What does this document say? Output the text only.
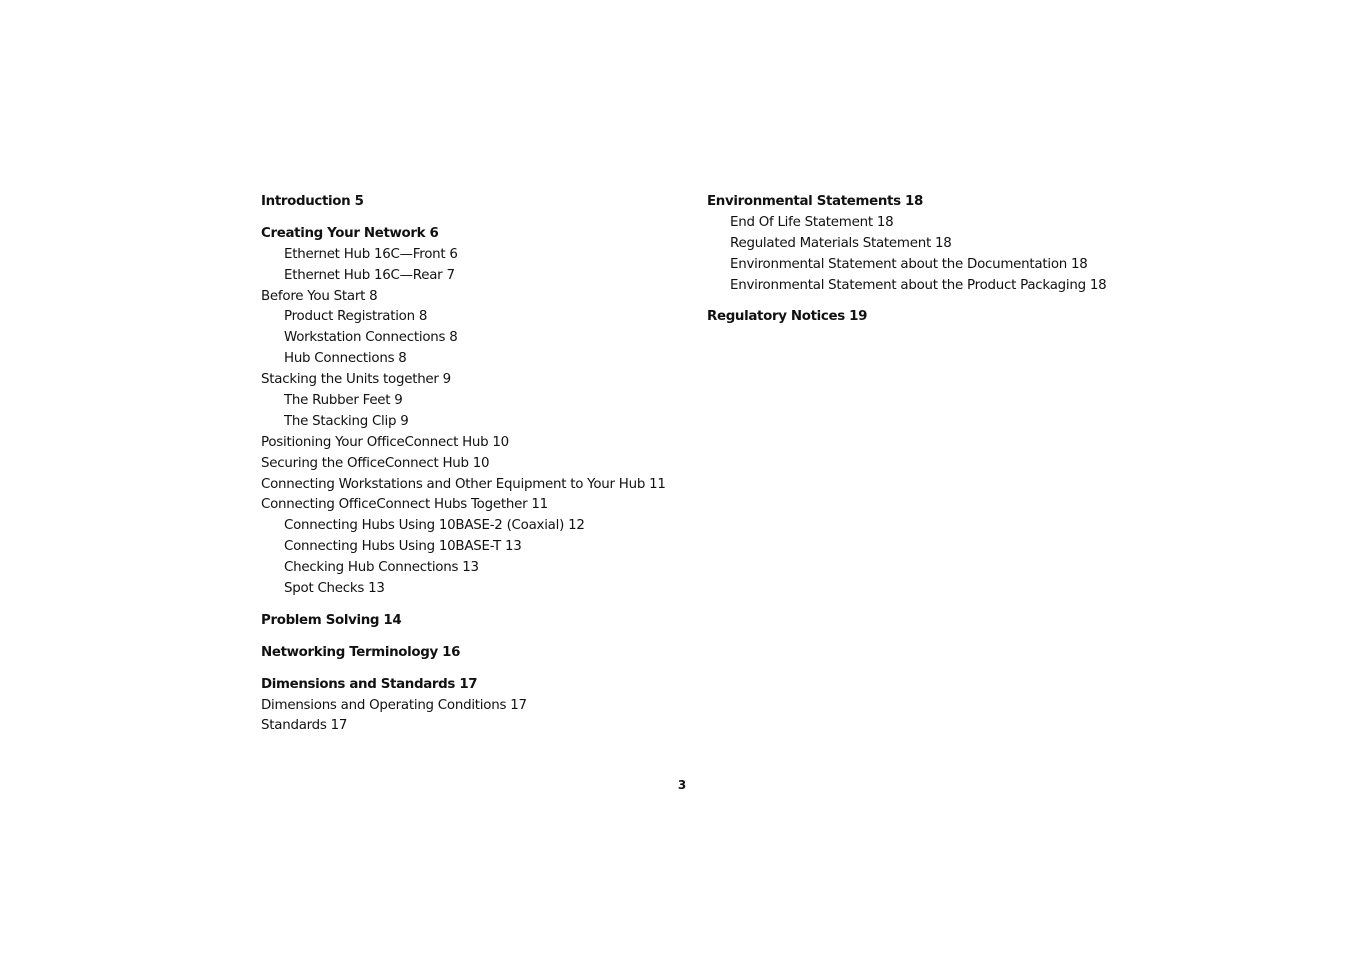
Introduction 5
Creating Your Network 6
Ethernet Hub 16C—Front 6
Ethernet Hub 16C—Rear 7
Before You Start 8
Product Registration 8
Workstation Connections 8
Hub Connections 8
Stacking the Units together 9
The Rubber Feet 9
The Stacking Clip 9
Positioning Your OfficeConnect Hub 10
Securing the OfficeConnect Hub 10
Connecting Workstations and Other Equipment to Your Hub 11
Connecting OfficeConnect Hubs Together 11
Connecting Hubs Using 10BASE-2 (Coaxial) 12
Connecting Hubs Using 10BASE-T 13
Checking Hub Connections 13
Spot Checks 13
Problem Solving 14
Networking Terminology 16
Dimensions and Standards 17
Dimensions and Operating Conditions 17
Standards 17
Environmental Statements 18
End Of Life Statement 18
Regulated Materials Statement 18
Environmental Statement about the Documentation 18
Environmental Statement about the Product Packaging 18
Regulatory Notices 19
3
